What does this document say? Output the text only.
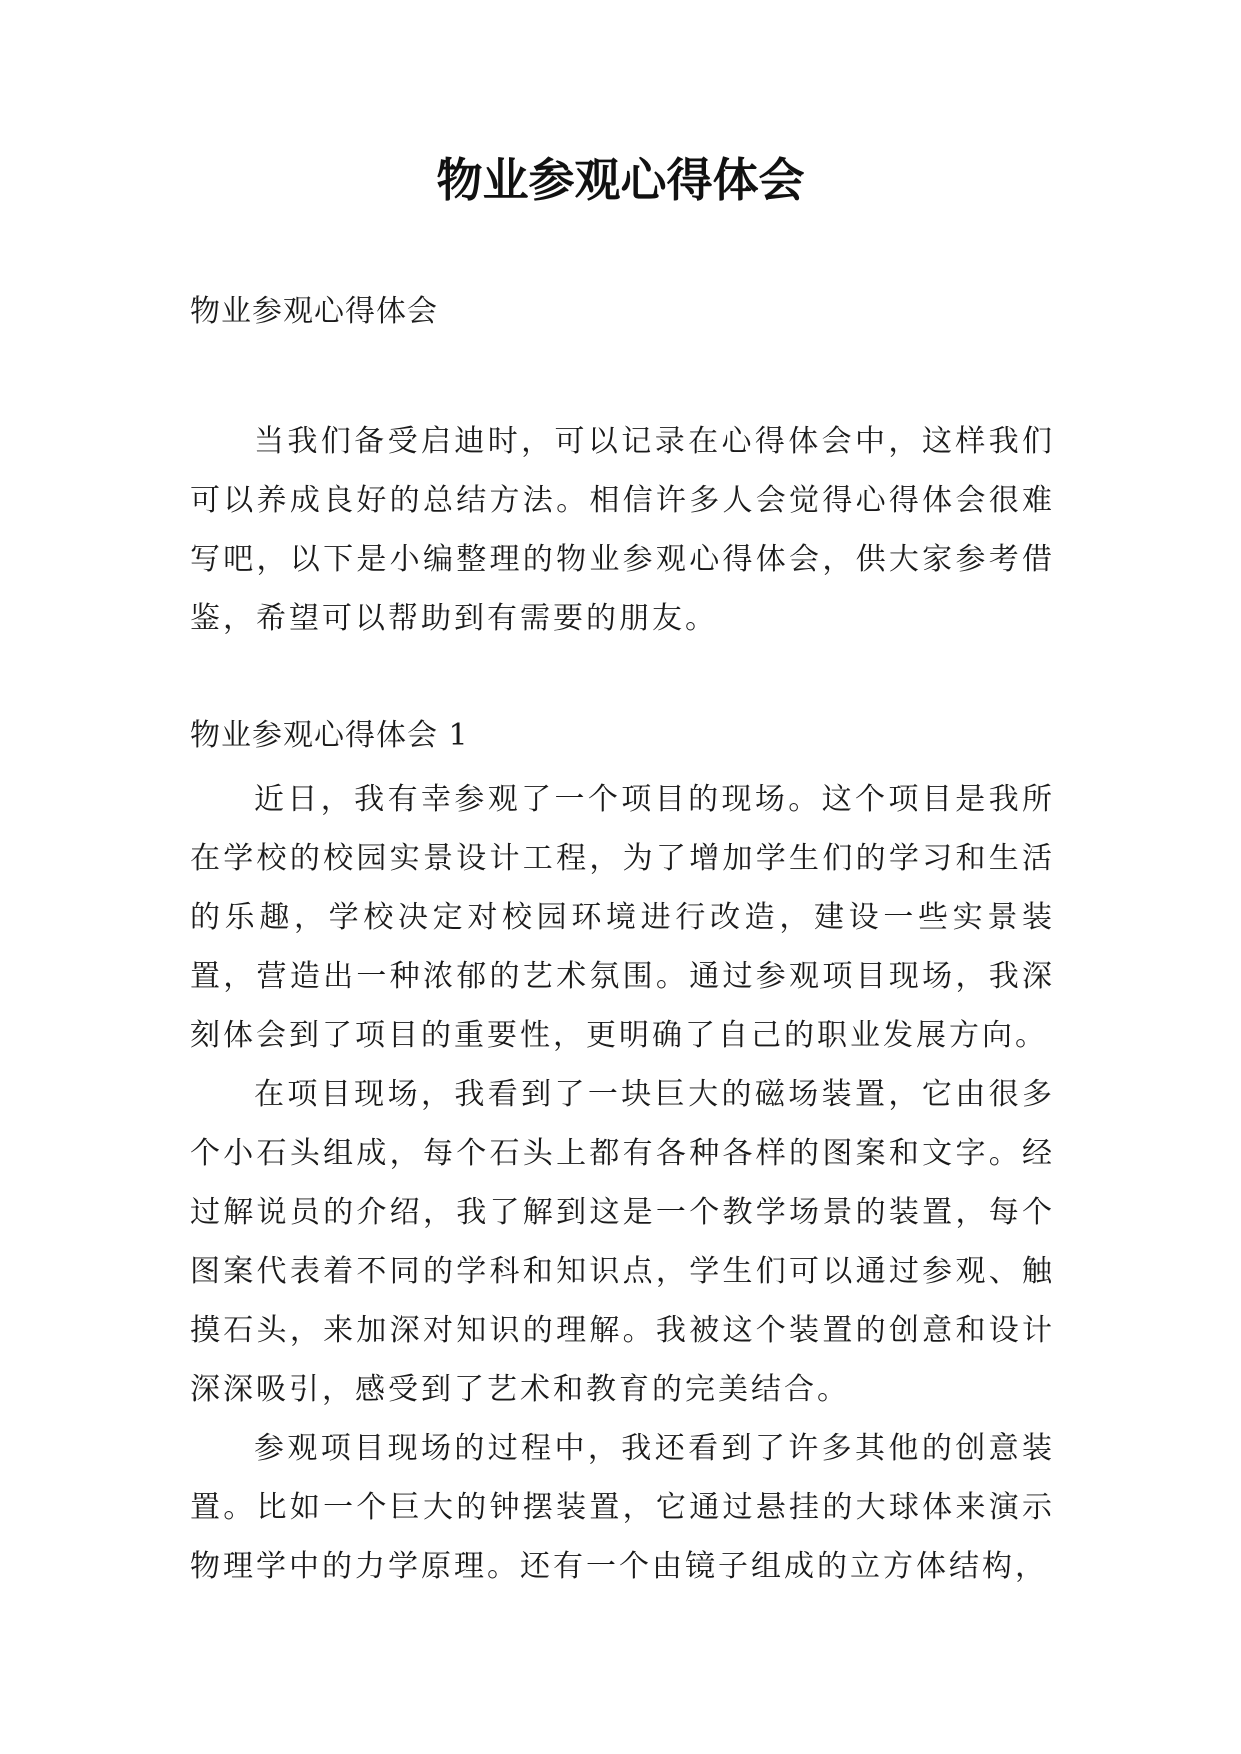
物业参观心得体会

物业参观心得体会

当我们备受启迪时，可以记录在心得体会中，这样我们可以养成良好的总结方法。相信许多人会觉得心得体会很难写吧，以下是小编整理的物业参观心得体会，供大家参考借鉴，希望可以帮助到有需要的朋友。

物业参观心得体会 1

近日，我有幸参观了一个项目的现场。这个项目是我所在学校的校园实景设计工程，为了增加学生们的学习和生活的乐趣，学校决定对校园环境进行改造，建设一些实景装置，营造出一种浓郁的艺术氛围。通过参观项目现场，我深刻体会到了项目的重要性，更明确了自己的职业发展方向。

在项目现场，我看到了一块巨大的磁场装置，它由很多个小石头组成，每个石头上都有各种各样的图案和文字。经过解说员的介绍，我了解到这是一个教学场景的装置，每个图案代表着不同的学科和知识点，学生们可以通过参观、触摸石头，来加深对知识的理解。我被这个装置的创意和设计深深吸引，感受到了艺术和教育的完美结合。

参观项目现场的过程中，我还看到了许多其他的创意装置。比如一个巨大的钟摆装置，它通过悬挂的大球体来演示物理学中的力学原理。还有一个由镜子组成的立方体结构，
